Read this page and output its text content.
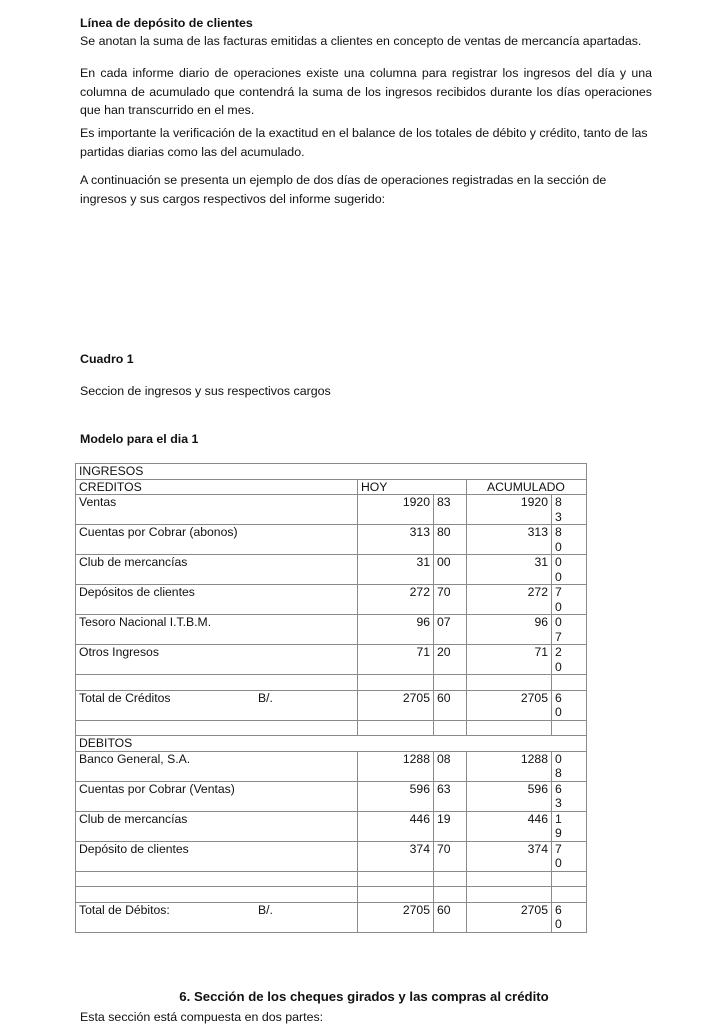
Línea de depósito de clientes

Se anotan la suma de las facturas emitidas a clientes en concepto de ventas de mercancía apartadas.

En cada informe diario de operaciones existe una columna para registrar los ingresos del día y una columna de acumulado que contendrá la suma de los ingresos recibidos durante los días operaciones que han transcurrido en el mes.

Es importante la verificación de la exactitud en el balance de los totales de débito y crédito, tanto de las partidas diarias como las del acumulado.

A continuación se presenta un ejemplo de dos días de operaciones registradas en la sección de ingresos y sus cargos respectivos del informe sugerido:

Cuadro 1

Seccion de ingresos y sus respectivos cargos

Modelo para el dia 1

INGRESOS				
CREDITOS	HOY		ACUMULADO	
Ventas	1920	83	1920	8
3
Cuentas por Cobrar (abonos)	313	80	313	8
0
Club de mercancías	31	00	31	0
0
Depósitos de clientes	272	70	272	7
0
Tesoro Nacional I.T.B.M.	96	07	96	0
7
Otros Ingresos	71	20	71	2
0

Total de Créditos B/.	2705	60	2705	6
0

DEBITOS				
Banco General, S.A.	1288	08	1288	0
8
Cuentas por Cobrar (Ventas)	596	63	596	6
3
Club de mercancías	446	19	446	1
9
Depósito de clientes	374	70	374	7
0

Total de Débitos: B/.	2705	60	2705	6
0

6. Sección de los cheques girados y las compras al crédito

Esta sección está compuesta en dos partes:
